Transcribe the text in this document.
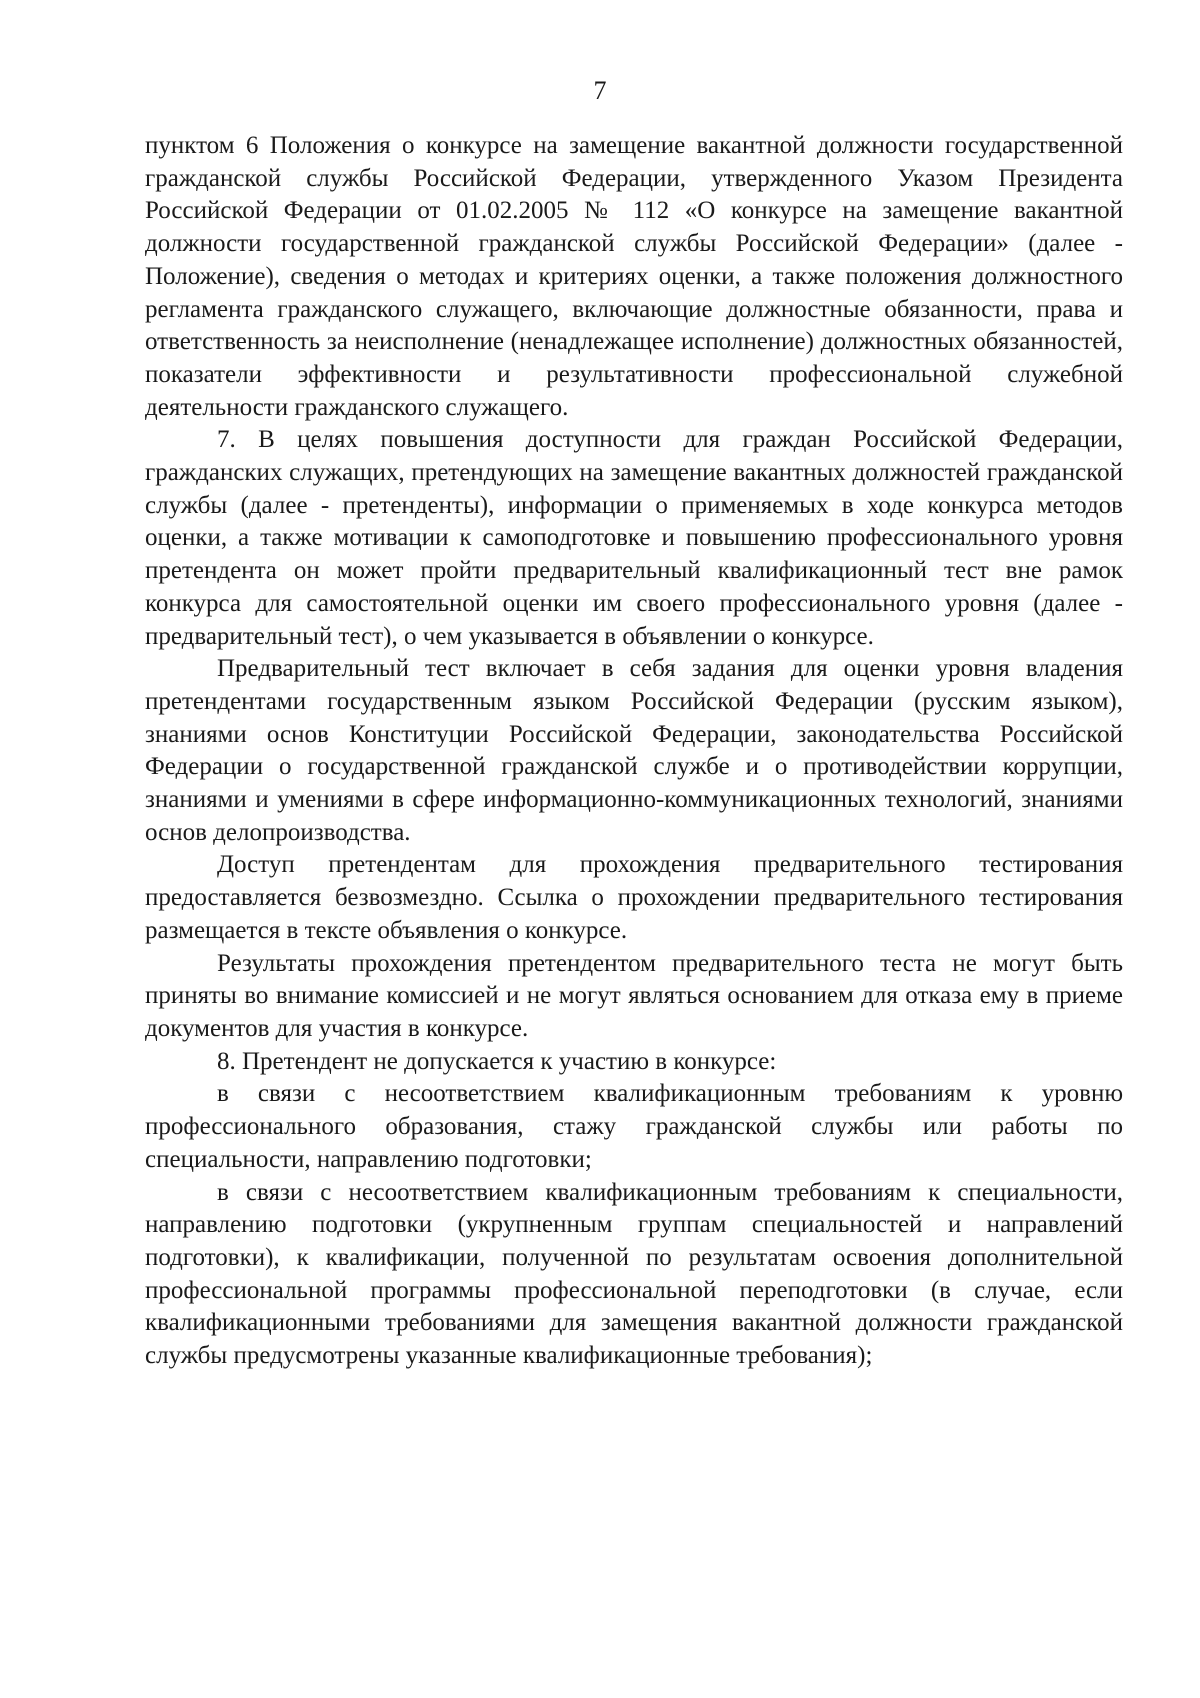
7

пунктом 6 Положения о конкурсе на замещение вакантной должности государственной гражданской службы Российской Федерации, утвержденного Указом Президента Российской Федерации от 01.02.2005 № 112 «О конкурсе на замещение вакантной должности государственной гражданской службы Российской Федерации» (далее - Положение), сведения о методах и критериях оценки, а также положения должностного регламента гражданского служащего, включающие должностные обязанности, права и ответственность за неисполнение (ненадлежащее исполнение) должностных обязанностей, показатели эффективности и результативности профессиональной служебной деятельности гражданского служащего.

7. В целях повышения доступности для граждан Российской Федерации, гражданских служащих, претендующих на замещение вакантных должностей гражданской службы (далее - претенденты), информации о применяемых в ходе конкурса методов оценки, а также мотивации к самоподготовке и повышению профессионального уровня претендента он может пройти предварительный квалификационный тест вне рамок конкурса для самостоятельной оценки им своего профессионального уровня (далее - предварительный тест), о чем указывается в объявлении о конкурсе.

Предварительный тест включает в себя задания для оценки уровня владения претендентами государственным языком Российской Федерации (русским языком), знаниями основ Конституции Российской Федерации, законодательства Российской Федерации о государственной гражданской службе и о противодействии коррупции, знаниями и умениями в сфере информационно-коммуникационных технологий, знаниями основ делопроизводства.

Доступ претендентам для прохождения предварительного тестирования предоставляется безвозмездно. Ссылка о прохождении предварительного тестирования размещается в тексте объявления о конкурсе.

Результаты прохождения претендентом предварительного теста не могут быть приняты во внимание комиссией и не могут являться основанием для отказа ему в приеме документов для участия в конкурсе.

8. Претендент не допускается к участию в конкурсе:

в связи с несоответствием квалификационным требованиям к уровню профессионального образования, стажу гражданской службы или работы по специальности, направлению подготовки;

в связи с несоответствием квалификационным требованиям к специальности, направлению подготовки (укрупненным группам специальностей и направлений подготовки), к квалификации, полученной по результатам освоения дополнительной профессиональной программы профессиональной переподготовки (в случае, если квалификационными требованиями для замещения вакантной должности гражданской службы предусмотрены указанные квалификационные требования);
